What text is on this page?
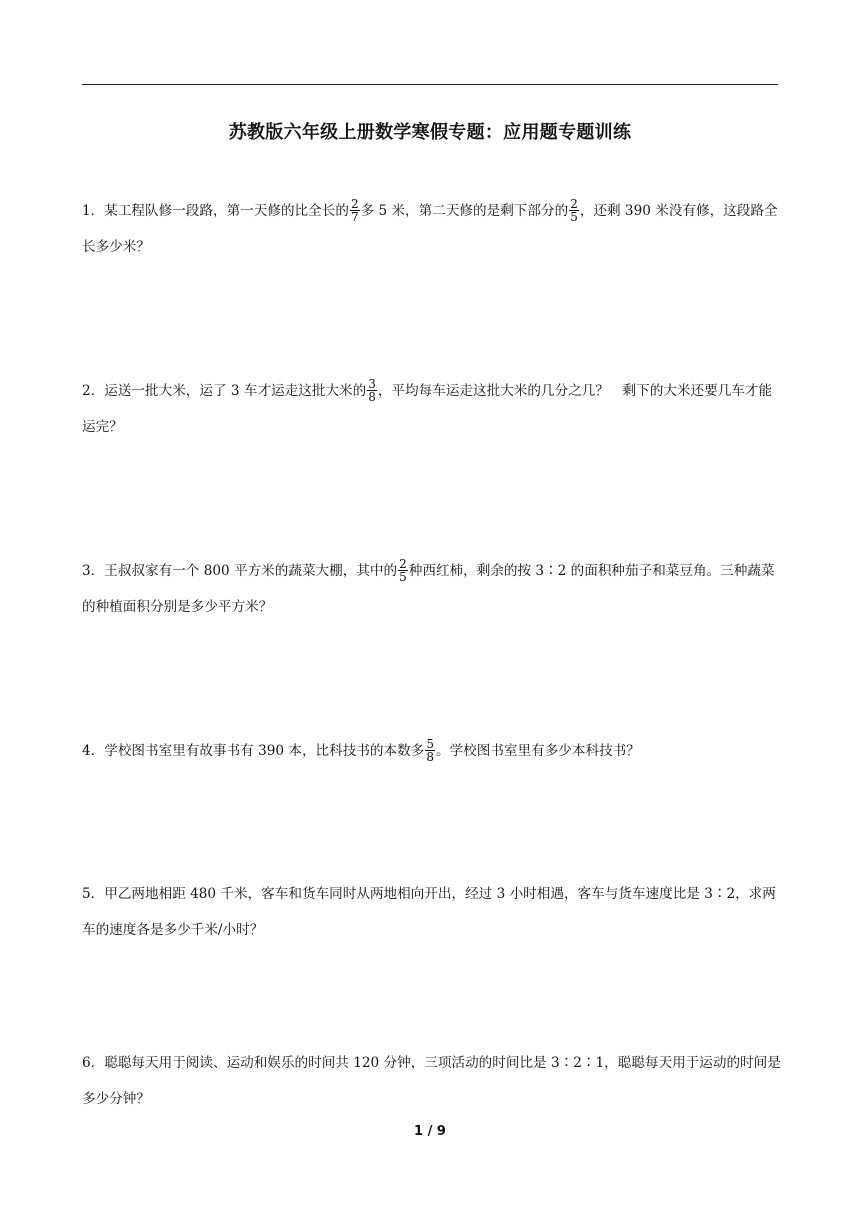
苏教版六年级上册数学寒假专题：应用题专题训练
1．某工程队修一段路，第一天修的比全长的 $\frac{2}{7}$ 多 5 米，第二天修的是剩下部分的 $\frac{2}{5}$ ，还剩 390 米没有修，这段路全长多少米？
2．运送一批大米，运了 3 车才运走这批大米的 $\frac{3}{8}$ ，平均每车运走这批大米的几分之几？　剩下的大米还要几车才能运完？
3．王叔叔家有一个 800 平方米的蔬菜大棚，其中的 $\frac{2}{5}$ 种西红柿，剩余的按 3∶2 的面积种茄子和菜豆角。三种蔬菜的种植面积分别是多少平方米？
4．学校图书室里有故事书有 390 本，比科技书的本数多 $\frac{5}{8}$ 。学校图书室里有多少本科技书？
5．甲乙两地相距 480 千米，客车和货车同时从两地相向开出，经过 3 小时相遇，客车与货车速度比是 3∶2，求两车的速度各是多少千米/小时？
6．聪聪每天用于阅读、运动和娱乐的时间共 120 分钟，三项活动的时间比是 3∶2∶1，聪聪每天用于运动的时间是多少分钟？
1 / 9
